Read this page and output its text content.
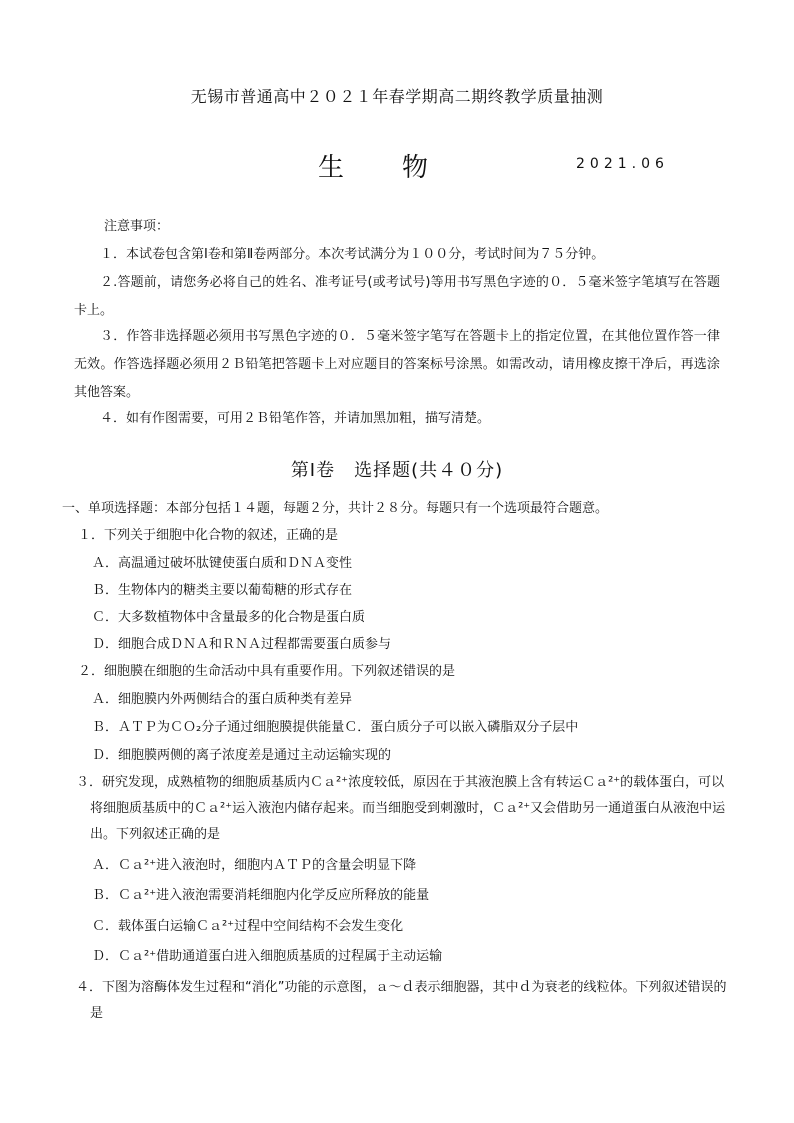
无锡市普通高中２０２１年春学期高二期终教学质量抽测
生物	2021.06
注意事项：
１．本试卷包含第Ⅰ卷和第Ⅱ卷两部分。本次考试满分为１００分，考试时间为７５分钟。
２.答题前，请您务必将自己的姓名、准考证号(或考试号)等用书写黑色字迹的０．５毫米签字笔填写在答题卡上。
３．作答非选择题必须用书写黑色字迹的０．５毫米签字笔写在答题卡上的指定位置，在其他位置作答一律无效。作答选择题必须用２Ｂ铅笔把答题卡上对应题目的答案标号涂黑。如需改动，请用橡皮擦干净后，再选涂其他答案。
４．如有作图需要，可用２Ｂ铅笔作答，并请加黑加粗，描写清楚。
第Ⅰ卷　选择题(共４０分)
一、单项选择题：本部分包括１４题，每题２分，共计２８分。每题只有一个选项最符合题意。
１．下列关于细胞中化合物的叙述，正确的是
Ａ．高温通过破坏肽键使蛋白质和ＤＮＡ变性
Ｂ．生物体内的糖类主要以葡萄糖的形式存在
Ｃ．大多数植物体中含量最多的化合物是蛋白质
Ｄ．细胞合成ＤＮＡ和ＲＮＡ过程都需要蛋白质参与
２．细胞膜在细胞的生命活动中具有重要作用。下列叙述错误的是
Ａ．细胞膜内外两侧结合的蛋白质种类有差异
Ｂ．ＡＴＰ为ＣＯ₂分子通过细胞膜提供能量Ｃ．蛋白质分子可以嵌入磷脂双分子层中
Ｄ．细胞膜两侧的离子浓度差是通过主动运输实现的
３．研究发现，成熟植物的细胞质基质内Ｃａ²⁺浓度较低，原因在于其液泡膜上含有转运Ｃａ²⁺的载体蛋白，可以将细胞质基质中的Ｃａ²⁺运入液泡内储存起来。而当细胞受到刺激时，Ｃａ²⁺又会借助另一通道蛋白从液泡中运出。下列叙述正确的是
Ａ．Ｃａ²⁺进入液泡时，细胞内ＡＴＰ的含量会明显下降
Ｂ．Ｃａ²⁺进入液泡需要消耗细胞内化学反应所释放的能量
Ｃ．载体蛋白运输Ｃａ²⁺过程中空间结构不会发生变化
Ｄ．Ｃａ²⁺借助通道蛋白进入细胞质基质的过程属于主动运输
４．下图为溶酶体发生过程和“消化”功能的示意图，ａ～ｄ表示细胞器，其中ｄ为衰老的线粒体。下列叙述错误的是
